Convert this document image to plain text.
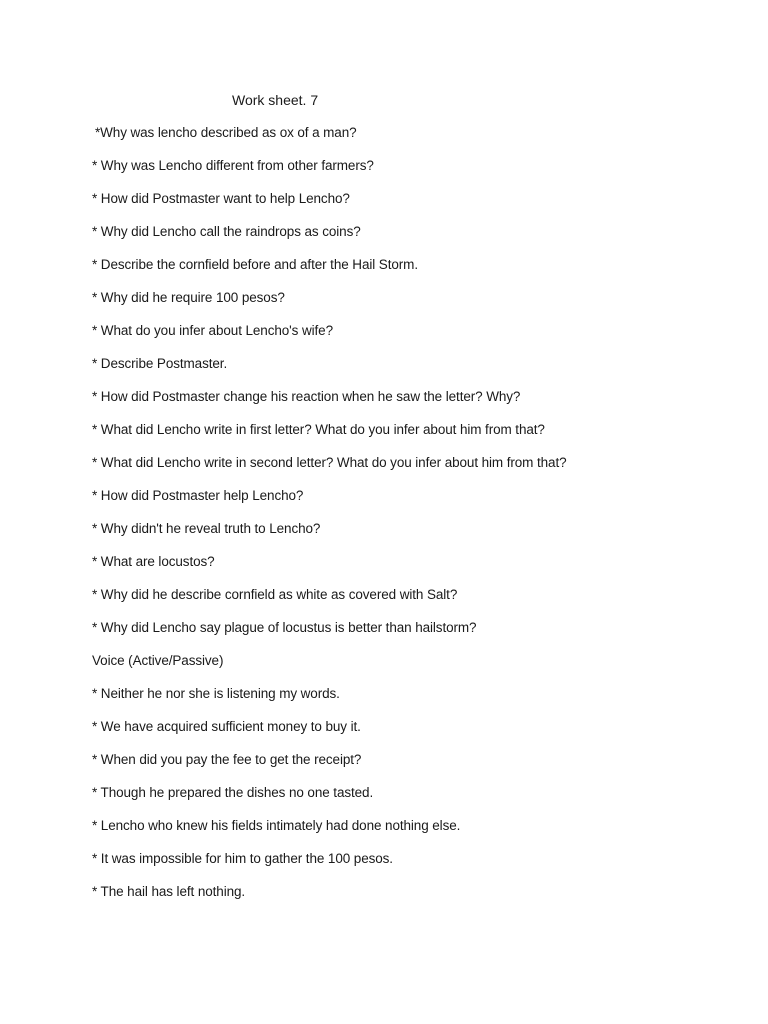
Work sheet. 7
*Why was lencho described as ox of a man?
* Why was Lencho different from other farmers?
* How did Postmaster want to help Lencho?
* Why did Lencho call the raindrops as coins?
* Describe the cornfield before and after the Hail Storm.
* Why did he require 100 pesos?
* What do you infer about Lencho's wife?
* Describe Postmaster.
* How did Postmaster change his reaction when he saw the letter? Why?
* What did Lencho write in first letter? What do you infer about him from that?
* What did Lencho write in second letter? What do you infer about him from that?
* How did Postmaster help Lencho?
* Why didn't he reveal truth to Lencho?
* What are locustos?
* Why did he describe cornfield as white as covered with Salt?
* Why did Lencho say plague of locustus is better than hailstorm?
Voice (Active/Passive)
* Neither he nor she is listening my words.
* We have acquired sufficient money to buy it.
* When did you pay the fee to get the receipt?
* Though he prepared the dishes no one tasted.
* Lencho who knew his fields intimately had done nothing else.
* It was impossible for him to gather the 100 pesos.
* The hail has left nothing.
